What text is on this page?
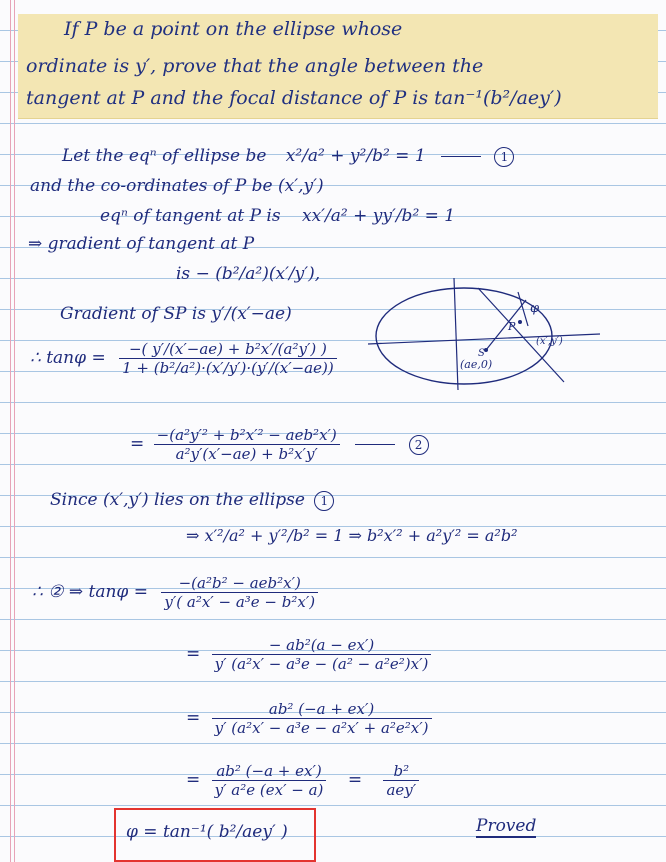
If P be a point on the ellipse whose
ordinate is y′, prove that the angle between the
tangent at P and the focal distance of P is tan⁻¹(b²/aey′)
Let the eqⁿ of ellipse be x²/a² + y²/b² = 1	1
and the co-ordinates of P be (x′,y′)
eqⁿ of tangent at P is xx′/a² + yy′/b² = 1
⇒ gradient of tangent at P
is − (b²/a²)(x′/y′),
Gradient of SP is y′/(x′−ae)
∴ $\tan\varphi = \frac{\text{−( y′/(x′−ae) + b²x′/(a²y′) )}}{\text{1 + (b²/a²)·(x′/y′)·(y′/(x′−ae))}}$
= $\frac{\text{−(a²y′² + b²x′² − aeb²x′)}}{\text{a²y′(x′−ae) + b²x′y′}}$	2
Since (x′,y′) lies on the ellipse 1
⇒ x′²/a² + y′²/b² = 1 ⇒ b²x′² + a²y′² = a²b²
∴ ② ⇒ $\tan\varphi = \frac{\text{−(a²b² − aeb²x′)}}{\text{y′( a²x′ − a³e − b²x′)}}$
= $\frac{\text{− ab²(a − ex′)}}{\text{y′ (a²x′ − a³e − (a² − a²e²)x′)}}$
= $\frac{\text{ab² (−a + ex′)}}{\text{y′ (a²x′ − a³e − a²x′ + a²e²x′)}}$
= $\frac{\text{ab² (−a + ex′)}}{\text{y′ a²e (ex′ − a)}} = \frac{\text{b²}}{\text{aey′}}$
φ = tan⁻¹( b²/aey′ )	Proved
φ
P
(x′,y′)
S
(ae,0)
